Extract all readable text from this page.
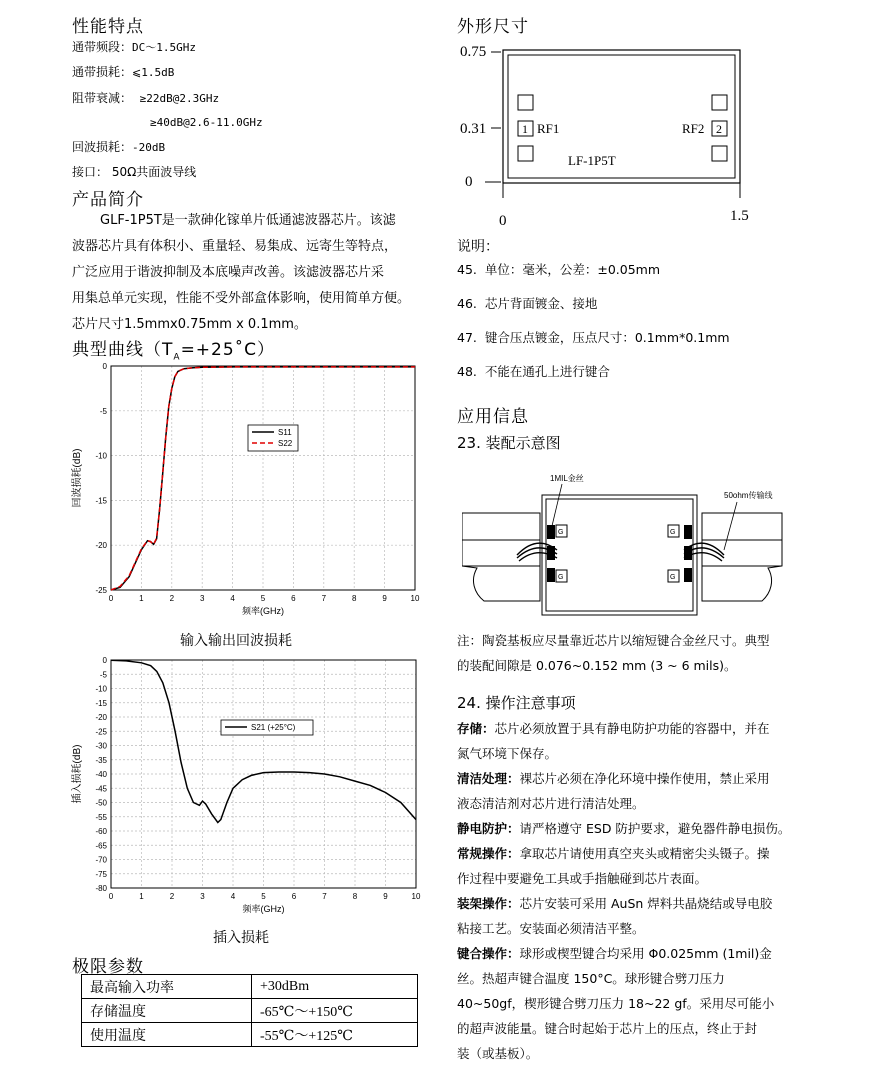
性能特点
通带频段：DC～1.5GHz
通带损耗：⩽1.5dB
阻带衰减： ≥22dB@2.3GHz
≥40dB@2.6-11.0GHz
回波损耗：-20dB
接口： 50Ω共面波导线
产品简介
GLF-1P5T是一款砷化镓单片低通滤波器芯片。该滤
波器芯片具有体积小、重量轻、易集成、远寄生等特点，
广泛应用于谐波抑制及本底噪声改善。该滤波器芯片采
用集总单元实现，性能不受外部盒体影响，使用简单方便。
芯片尺寸1.5mmx0.75mm x 0.1mm。
典型曲线$(T_A=+25˚C)$
0	1	2	3	4	5	6	7	8	9	10
0
-5
-10
-15
-20
-25
频率(GHz)
回波损耗(dB)
S11
S22
输入输出回波损耗
0	1	2	3	4	5	6	7	8	9	10
0
-5
-10
-15
-20
-25
-30
-35
-40
-45
-50
-55
-60
-65
-70
-75
-80
频率(GHz)
插入损耗(dB)
S21 (+25°C)
插入损耗
极限参数
最高输入功率	+30dBm
存储温度	-65℃～+150℃
使用温度	-55℃～+125℃
外形尺寸
0.75
0.31
0
1	2
RF1	RF2
LF-1P5T
0	1.5
说明：
45. 单位：毫米，公差：±0.05mm
46. 芯片背面镀金、接地
47. 键合压点镀金，压点尺寸：0.1mm*0.1mm
48. 不能在通孔上进行键合
应用信息
23. 装配示意图
1MIL金丝
50ohm传输线
G
G
G
G
注：陶瓷基板应尽量靠近芯片以缩短键合金丝尺寸。典型
的装配间隙是 0.076~0.152 mm (3 ~ 6 mils)。
24. 操作注意事项
存储：芯片必须放置于具有静电防护功能的容器中，并在
氮气环境下保存。
清洁处理：裸芯片必须在净化环境中操作使用，禁止采用
液态清洁剂对芯片进行清洁处理。
静电防护：请严格遵守 ESD 防护要求，避免器件静电损伤。
常规操作：拿取芯片请使用真空夹头或精密尖头镊子。操
作过程中要避免工具或手指触碰到芯片表面。
装架操作：芯片安装可采用 AuSn 焊料共晶烧结或导电胶
粘接工艺。安装面必须清洁平整。
键合操作：球形或楔型键合均采用 Φ0.025mm (1mil)金
丝。热超声键合温度 150°C。球形键合劈刀压力
40~50gf，楔形键合劈刀压力 18~22 gf。采用尽可能小
的超声波能量。键合时起始于芯片上的压点，终止于封
装（或基板）。
